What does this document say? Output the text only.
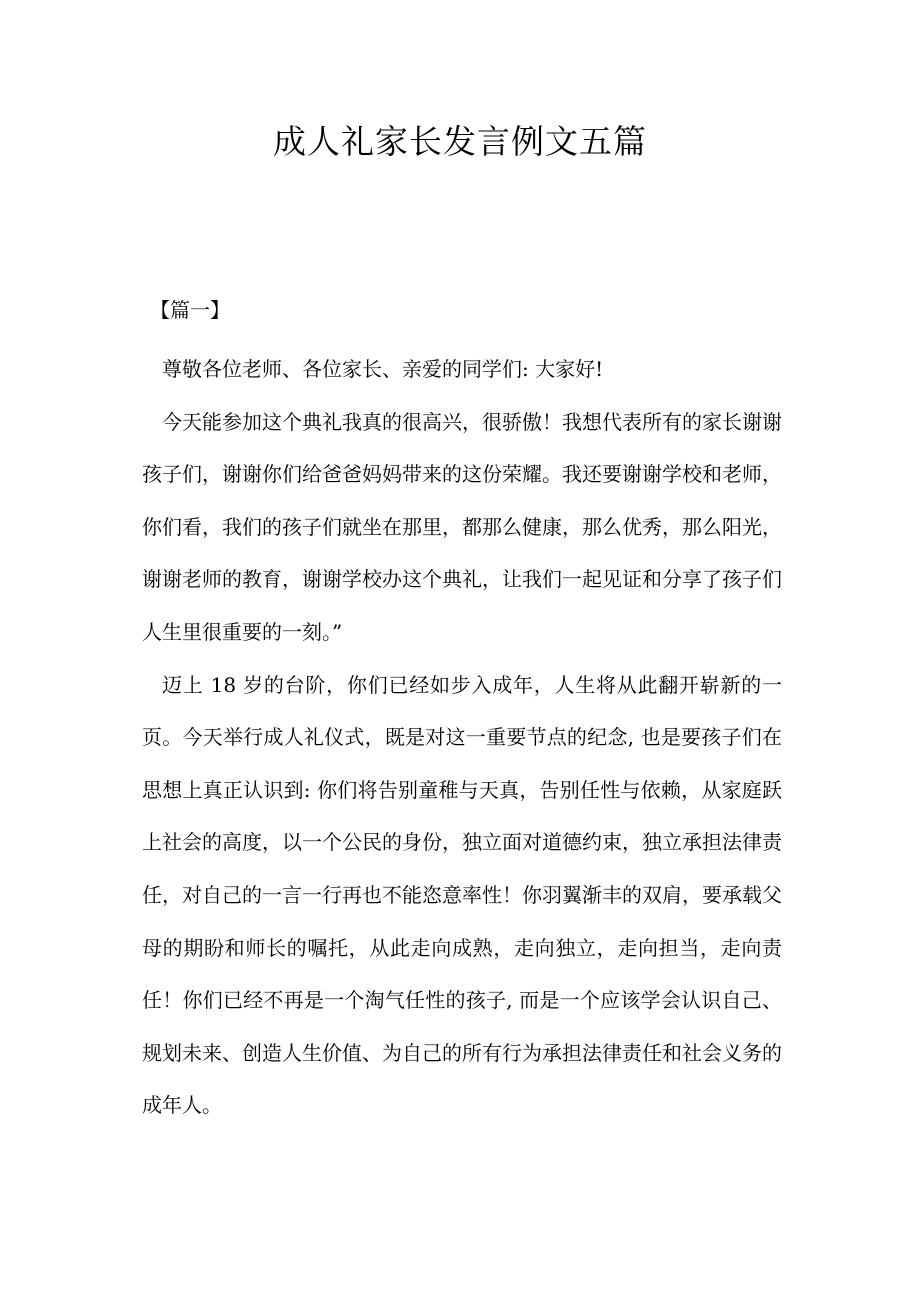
成人礼家长发言例文五篇

【篇一】

尊敬各位老师、各位家长、亲爱的同学们: 大家好!

今天能参加这个典礼我真的很高兴，很骄傲！我想代表所有的家长谢谢孩子们，谢谢你们给爸爸妈妈带来的这份荣耀。我还要谢谢学校和老师，你们看，我们的孩子们就坐在那里，都那么健康，那么优秀，那么阳光，谢谢老师的教育，谢谢学校办这个典礼，让我们一起见证和分享了孩子们人生里很重要的一刻。”

迈上 18 岁的台阶，你们已经如步入成年，人生将从此翻开崭新的一页。今天举行成人礼仪式，既是对这一重要节点的纪念, 也是要孩子们在思想上真正认识到: 你们将告别童稚与天真，告别任性与依赖，从家庭跃上社会的高度，以一个公民的身份，独立面对道德约束，独立承担法律责任，对自己的一言一行再也不能恣意率性！你羽翼渐丰的双肩，要承载父母的期盼和师长的嘱托，从此走向成熟，走向独立，走向担当，走向责任！你们已经不再是一个淘气任性的孩子, 而是一个应该学会认识自己、规划未来、创造人生价值、为自己的所有行为承担法律责任和社会义务的成年人。
